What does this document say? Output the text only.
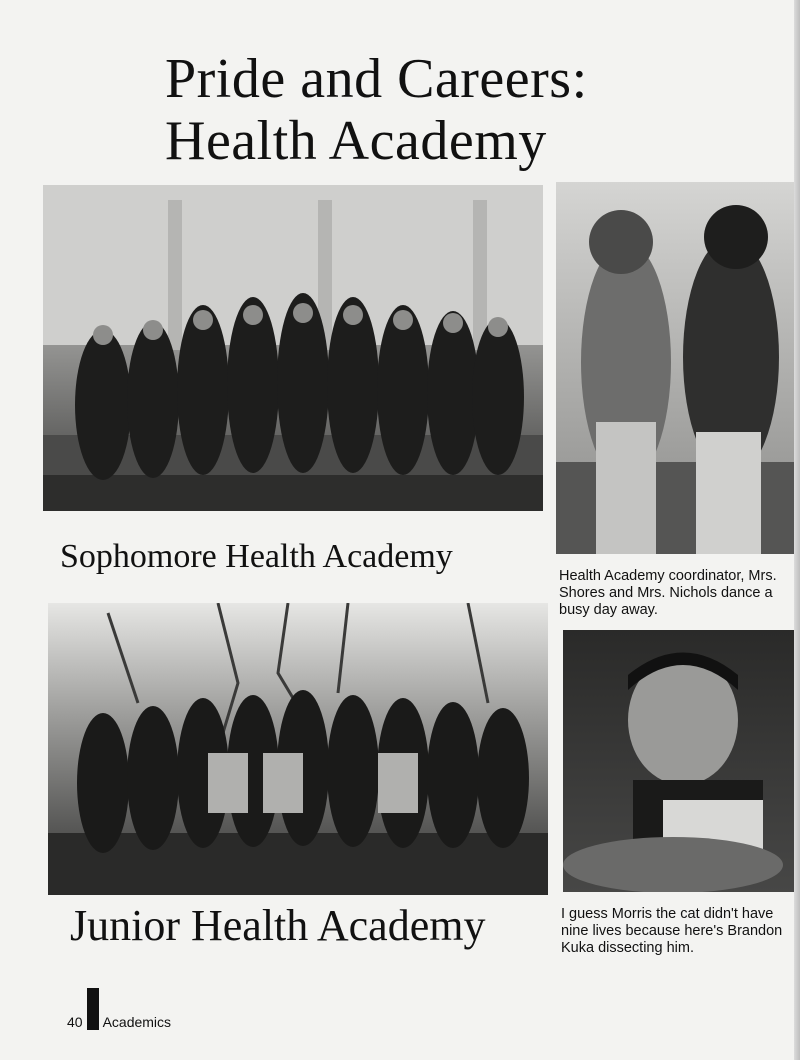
Pride and Careers:
Health Academy
Sophomore Health Academy

Health Academy coordinator, Mrs. Shores and Mrs. Nichols dance a busy day away.

Junior Health Academy	I guess Morris the cat didn't have nine lives because here's Brandon Kuka dissecting him.

40 Academics
